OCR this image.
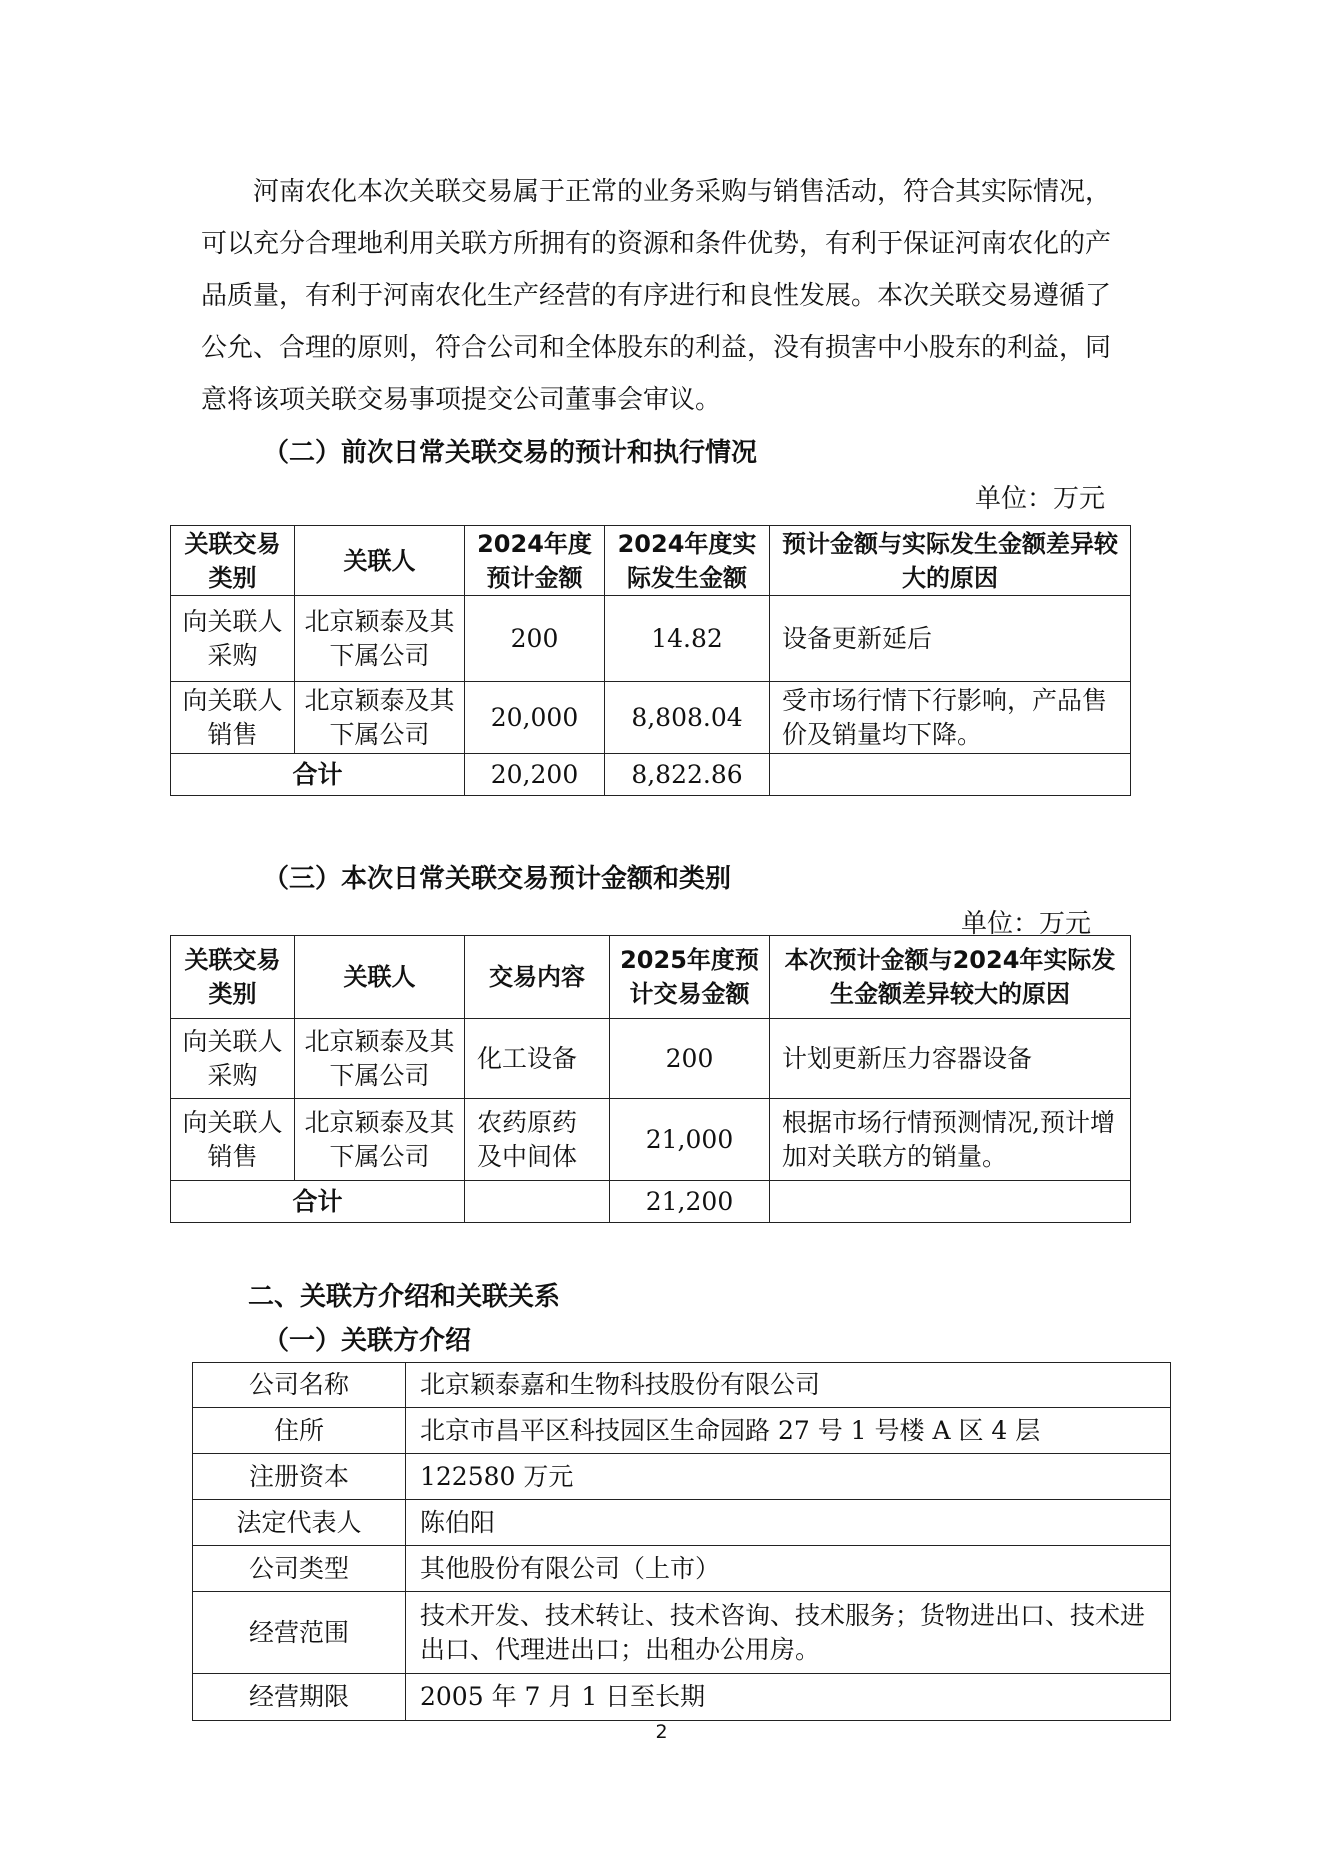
　　河南农化本次关联交易属于正常的业务采购与销售活动，符合其实际情况，
可以充分合理地利用关联方所拥有的资源和条件优势，有利于保证河南农化的产
品质量，有利于河南农化生产经营的有序进行和良性发展。本次关联交易遵循了
公允、合理的原则，符合公司和全体股东的利益，没有损害中小股东的利益，同
意将该项关联交易事项提交公司董事会审议。

（二）前次日常关联交易的预计和执行情况

单位：万元

关联交易类别	关联人	2024年度预计金额	2024年度实际发生金额	预计金额与实际发生金额差异较大的原因
向关联人采购	北京颖泰及其下属公司	200	14.82	设备更新延后
向关联人销售	北京颖泰及其下属公司	20,000	8,808.04	受市场行情下行影响，产品售价及销量均下降。
合计		20,200	8,822.86	

（三）本次日常关联交易预计金额和类别

单位：万元

关联交易类别	关联人	交易内容	2025年度预计交易金额	本次预计金额与2024年实际发生金额差异较大的原因
向关联人采购	北京颖泰及其下属公司	化工设备	200	计划更新压力容器设备
向关联人销售	北京颖泰及其下属公司	农药原药及中间体	21,000	根据市场行情预测情况,预计增加对关联方的销量。
合计			21,200	

二、关联方介绍和关联关系

（一）关联方介绍

公司名称	北京颖泰嘉和生物科技股份有限公司
住所	北京市昌平区科技园区生命园路 27 号 1 号楼 A 区 4 层
注册资本	122580 万元
法定代表人	陈伯阳
公司类型	其他股份有限公司（上市）
经营范围	技术开发、技术转让、技术咨询、技术服务；货物进出口、技术进出口、代理进出口；出租办公用房。
经营期限	2005 年 7 月 1 日至长期
2
